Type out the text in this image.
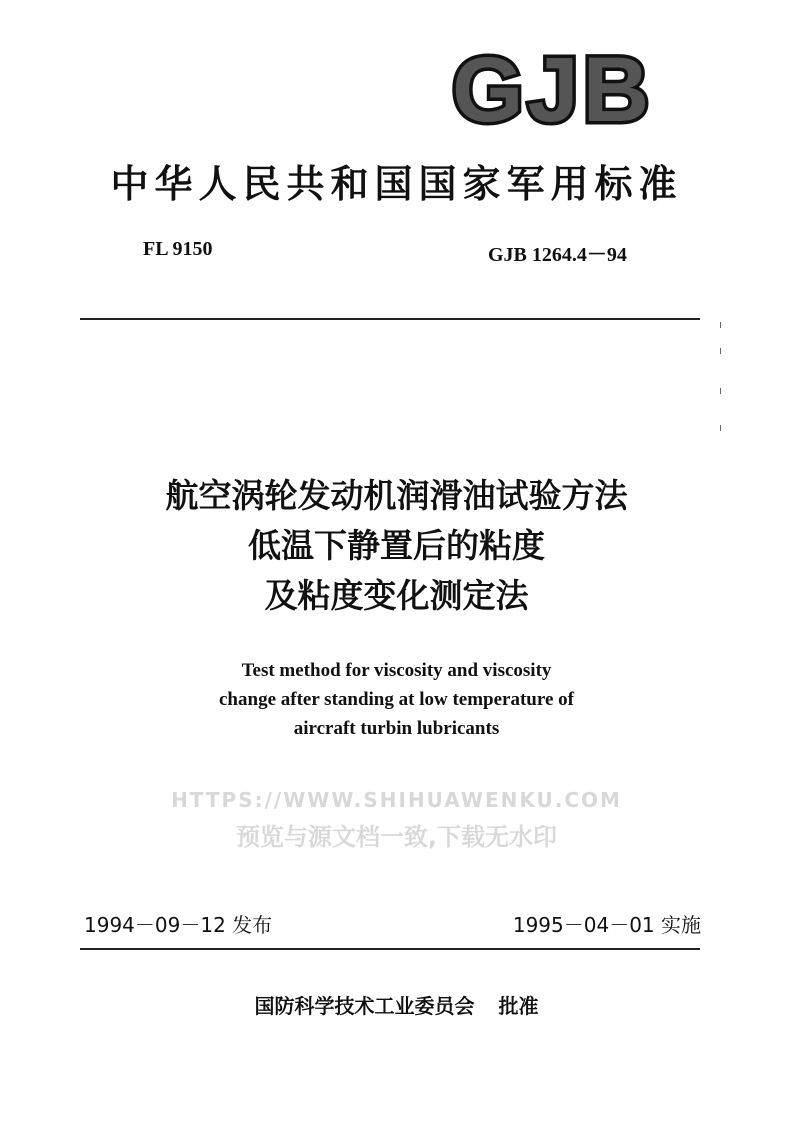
GJB
中华人民共和国国家军用标准
FL 9150	GJB 1264.4－94
航空涡轮发动机润滑油试验方法
低温下静置后的粘度
及粘度变化测定法
Test method for viscosity and viscosity
change after standing at low temperature of
aircraft turbin lubricants
HTTPS://WWW.SHIHUAWENKU.COM
预览与源文档一致,下载无水印
1994－09－12 发布	1995－04－01 实施
国防科学技术工业委员会 批准
